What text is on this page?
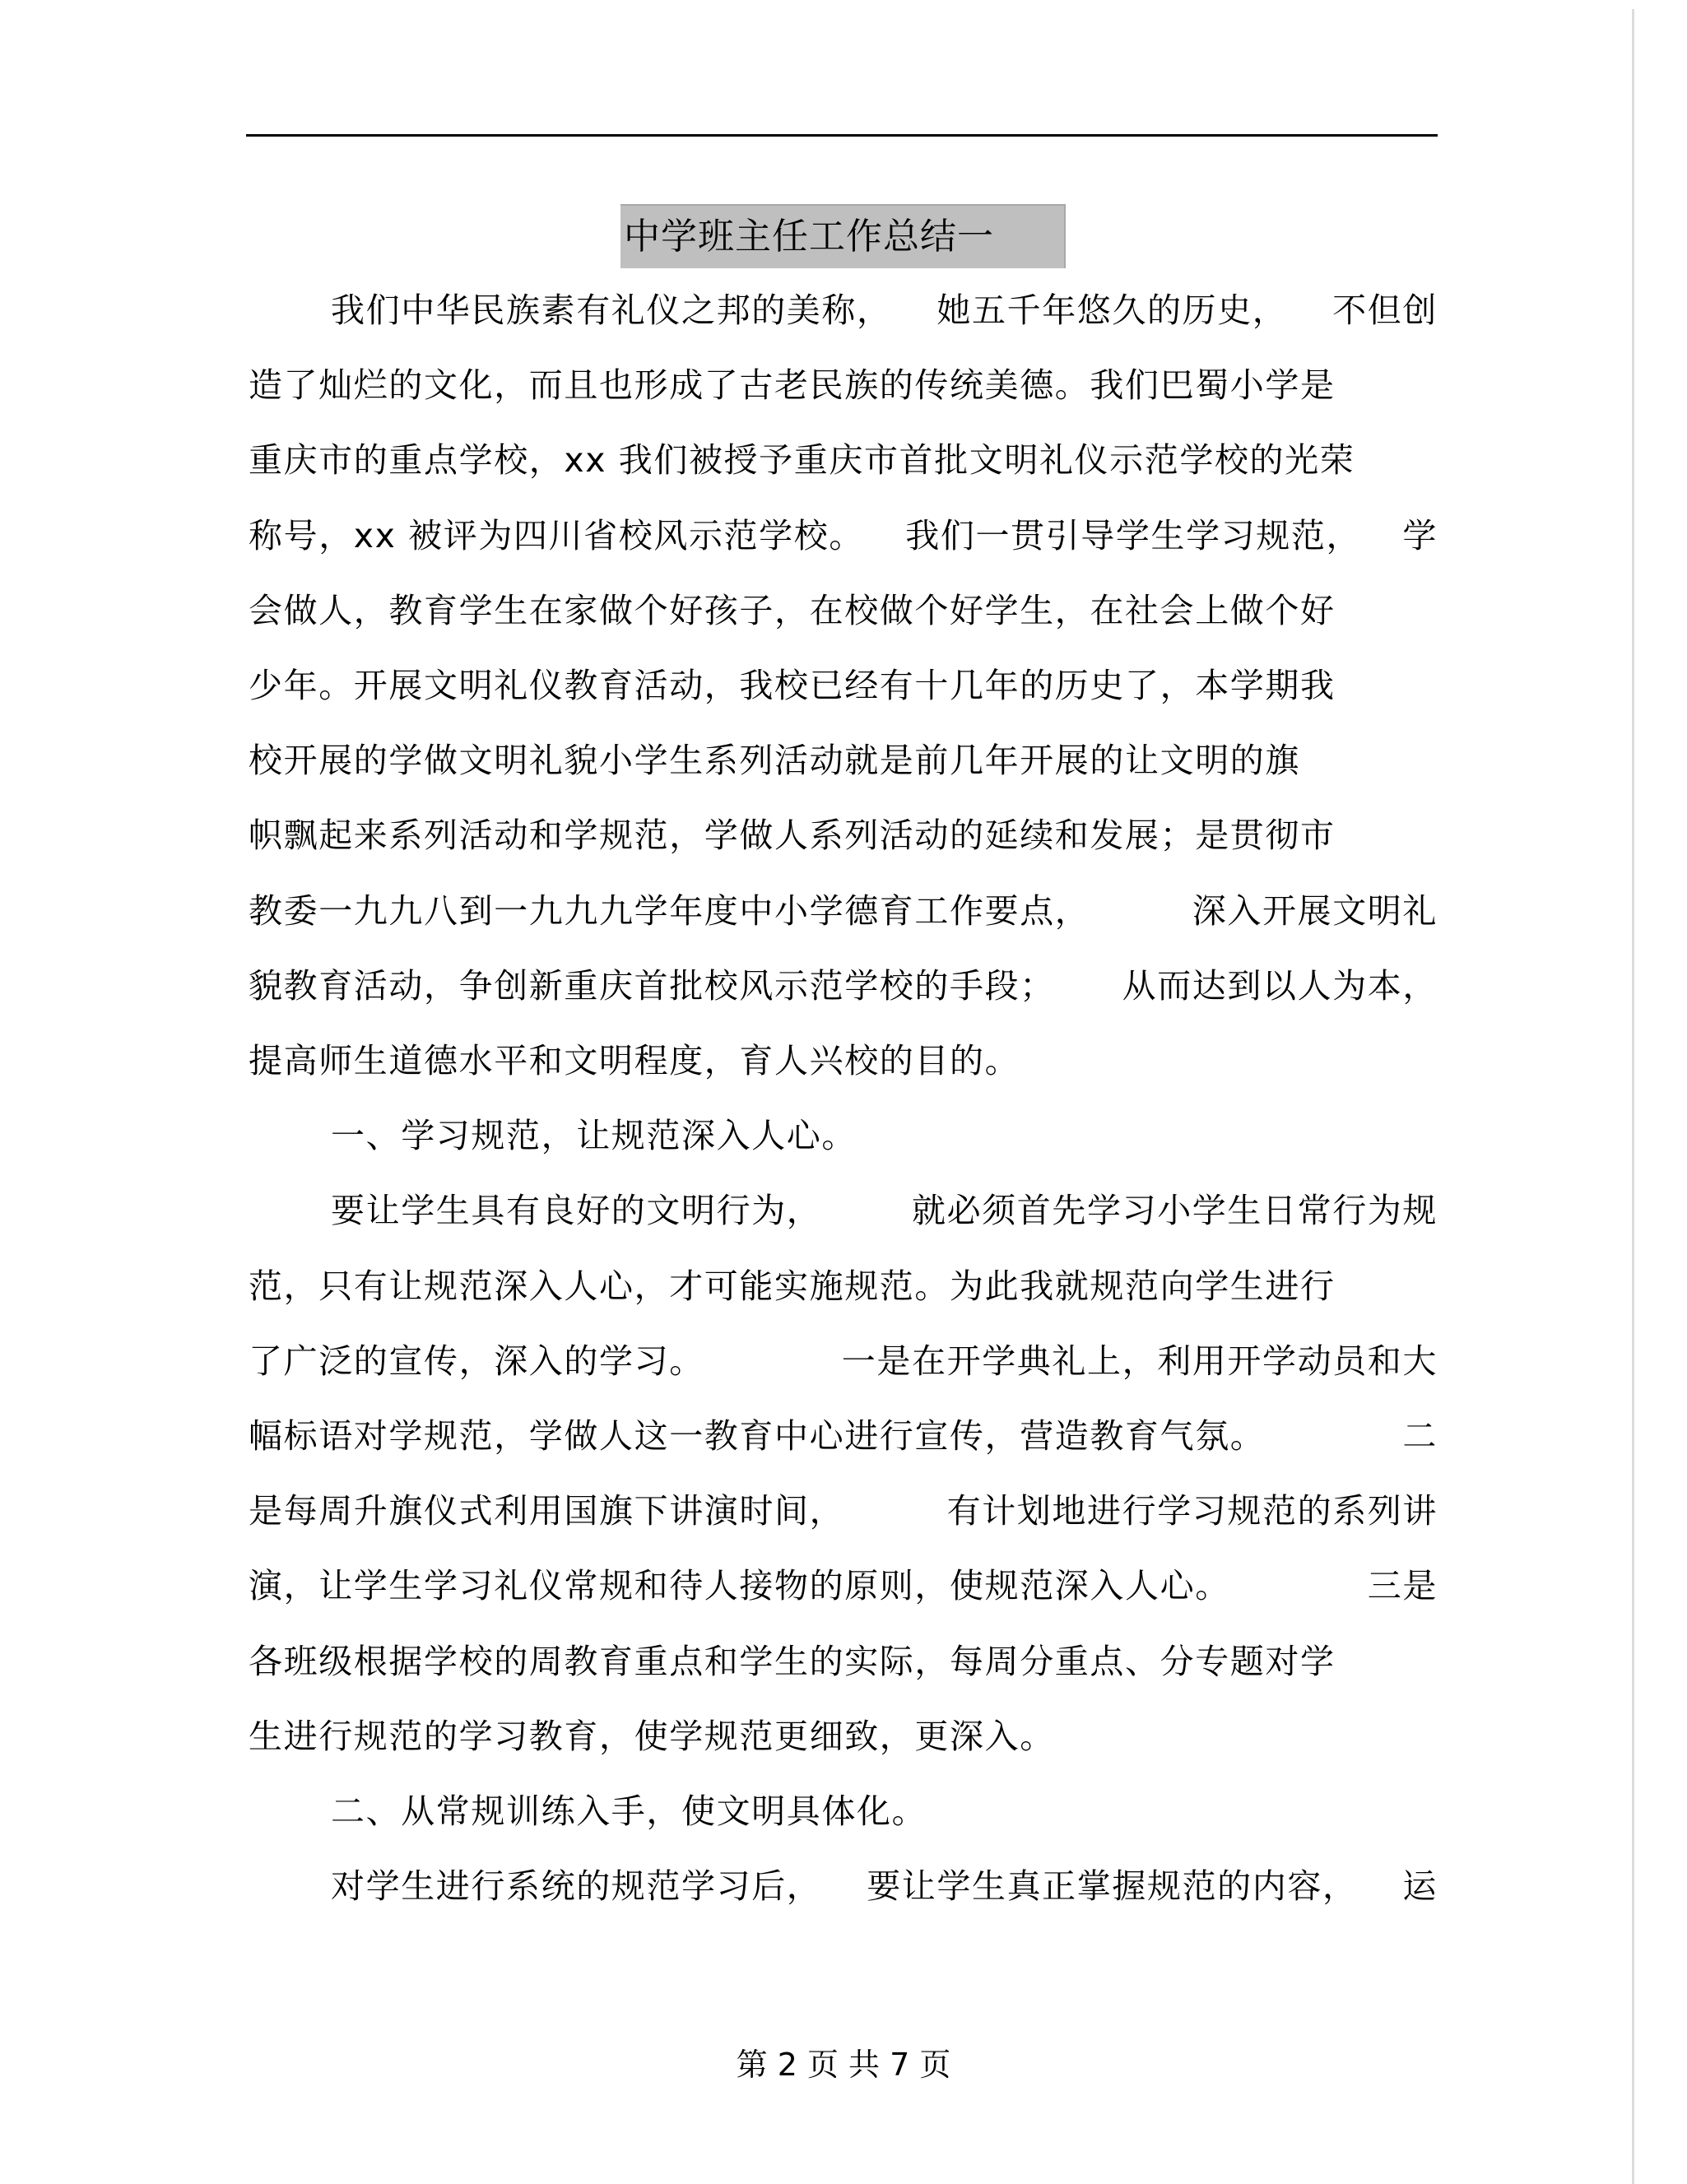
中学班主任工作总结一
我们中华民族素有礼仪之邦的美称， 她五千年悠久的历史， 不但创
造了灿烂的文化，而且也形成了古老民族的传统美德。我们巴蜀小学是
重庆市的重点学校，xx 我们被授予重庆市首批文明礼仪示范学校的光荣
称号，xx 被评为四川省校风示范学校。 我们一贯引导学生学习规范， 学
会做人，教育学生在家做个好孩子，在校做个好学生，在社会上做个好
少年。开展文明礼仪教育活动，我校已经有十几年的历史了，本学期我
校开展的学做文明礼貌小学生系列活动就是前几年开展的让文明的旗
帜飘起来系列活动和学规范，学做人系列活动的延续和发展；是贯彻市
教委一九九八到一九九九学年度中小学德育工作要点，	深入开展文明礼
貌教育活动，争创新重庆首批校风示范学校的手段； 从而达到以人为本，
提高师生道德水平和文明程度，育人兴校的目的。
一、学习规范，让规范深入人心。
要让学生具有良好的文明行为，	就必须首先学习小学生日常行为规
范，只有让规范深入人心，才可能实施规范。为此我就规范向学生进行
了广泛的宣传，深入的学习。	一是在开学典礼上，利用开学动员和大
幅标语对学规范，学做人这一教育中心进行宣传，营造教育气氛。	二
是每周升旗仪式利用国旗下讲演时间，	有计划地进行学习规范的系列讲
演，让学生学习礼仪常规和待人接物的原则，使规范深入人心。	三是
各班级根据学校的周教育重点和学生的实际，每周分重点、分专题对学
生进行规范的学习教育，使学规范更细致，更深入。
二、从常规训练入手，使文明具体化。
对学生进行系统的规范学习后， 要让学生真正掌握规范的内容， 运
第 2 页 共 7 页
